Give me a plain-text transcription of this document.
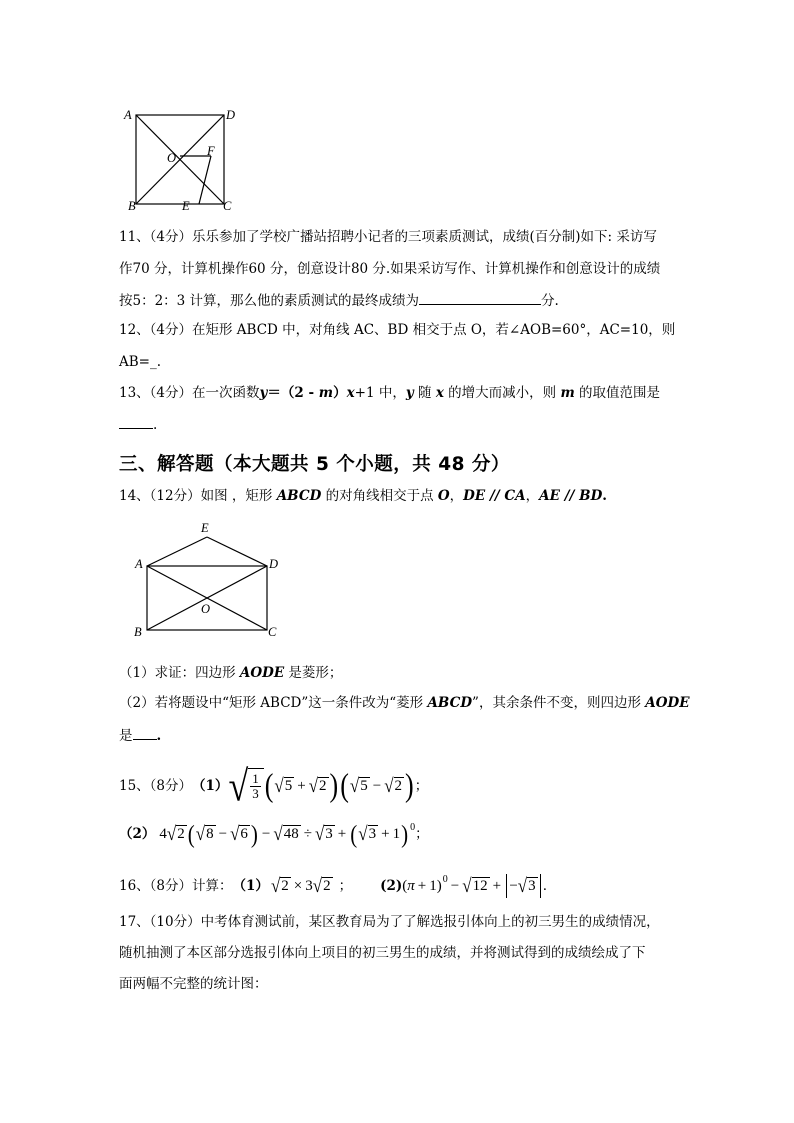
A	D
O F
B	E	C
11、（4分）乐乐参加了学校广播站招聘小记者的三项素质测试，成绩(百分制)如下: 采访写
作70 分，计算机操作60 分，创意设计80 分.如果采访写作、计算机操作和创意设计的成绩
按5：2：3 计算，那么他的素质测试的最终成绩为	分.
12、（4分）在矩形 ABCD 中，对角线 AC、BD 相交于点 O，若∠AOB=60°，AC=10，则
AB=_.
13、（4分）在一次函数y＝（2 - m）x+1 中，y 随 x 的增大而减小，则 m 的取值范围是
.
三、解答题（本大题共 5 个小题，共 48 分）
14、（12分）如图 ，矩形 ABCD 的对角线相交于点 O，DE // CA，AE // BD.
E
A	D
O
B	C
（1）求证：四边形 AODE 是菱形；
（2）若将题设中“矩形 ABCD”这一条件改为“菱形 ABCD”，其余条件不变，则四边形 AODE
是 .
15、（8分） （1） √ $\frac{1}{3}$ ( √ 5 + √ 2 ) ( √ 5 − √ 2 ) ；
（2） 4 √ 2 ( √ 8 − √ 6 ) − √ 48 ÷ √ 3 + ( √ 3 + 1 ) 0 ；
16、（8分）计算： （1） √ 2 × 3 √ 2 ； (2) ( π + 1 ) 0 − √ 12 + − √ 3 .
17、（10分）中考体育测试前，某区教育局为了了解选报引体向上的初三男生的成绩情况，
随机抽测了本区部分选报引体向上项目的初三男生的成绩，并将测试得到的成绩绘成了下
面两幅不完整的统计图：
